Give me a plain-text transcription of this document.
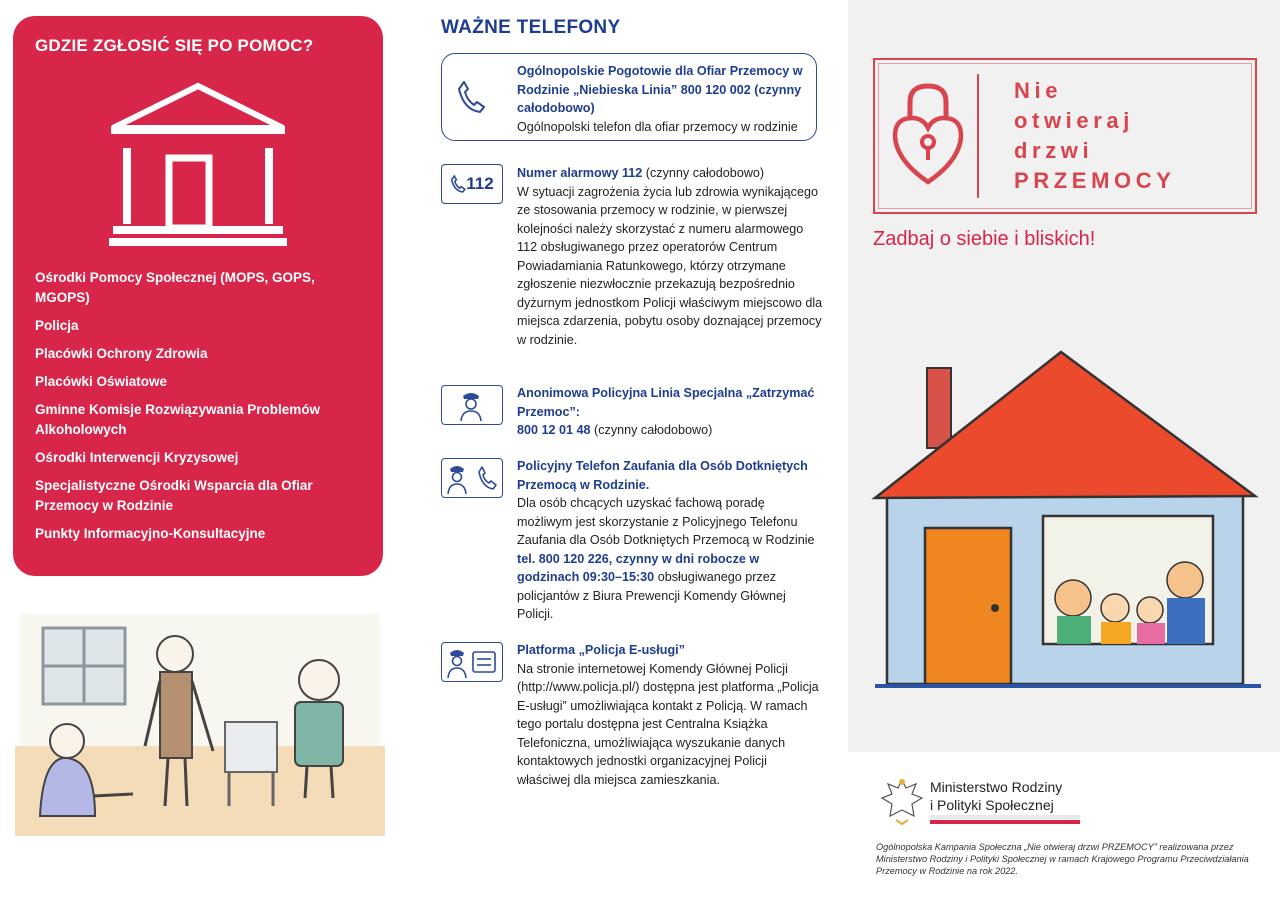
GDZIE ZGŁOSIĆ SIĘ PO POMOC?
Ośrodki Pomocy Społecznej (MOPS, GOPS, MGOPS)
Policja
Placówki Ochrony Zdrowia
Placówki Oświatowe
Gminne Komisje Rozwiązywania Problemów Alkoholowych
Ośrodki Interwencji Kryzysowej
Specjalistyczne Ośrodki Wsparcia dla Ofiar Przemocy w Rodzinie
Punkty Informacyjno-Konsultacyjne
WAŻNE TELEFONY
Ogólnopolskie Pogotowie dla Ofiar Przemocy w Rodzinie „Niebieska Linia” 800 120 002 (czynny całodobowo)
Ogólnopolski telefon dla ofiar przemocy w rodzinie
112
Numer alarmowy 112 (czynny całodobowo)
W sytuacji zagrożenia życia lub zdrowia wynikającego ze stosowania przemocy w rodzinie, w pierwszej kolejności należy skorzystać z numeru alarmowego 112 obsługiwanego przez operatorów Centrum Powiadamiania Ratunkowego, którzy otrzymane zgłoszenie niezwłocznie przekazują bezpośrednio dyżurnym jednostkom Policji właściwym miejscowo dla miejsca zdarzenia, pobytu osoby doznającej przemocy w rodzinie.
Anonimowa Policyjna Linia Specjalna „Zatrzymać Przemoc”:
800 12 01 48 (czynny całodobowo)
Policyjny Telefon Zaufania dla Osób Dotkniętych Przemocą w Rodzinie.
Dla osób chcących uzyskać fachową poradę możliwym jest skorzystanie z Policyjnego Telefonu Zaufania dla Osób Dotkniętych Przemocą w Rodzinie tel. 800 120 226, czynny w dni robocze w godzinach 09:30–15:30 obsługiwanego przez policjantów z Biura Prewencji Komendy Głównej Policji.
Platforma „Policja E-usługi”
Na stronie internetowej Komendy Głównej Policji (http://www.policja.pl/) dostępna jest platforma „Policja E-usługi” umożliwiająca kontakt z Policją. W ramach tego portalu dostępna jest Centralna Książka Telefoniczna, umożliwiająca wyszukanie danych kontaktowych jednostki organizacyjnej Policji właściwej dla miejsca zamieszkania.
Nie
otwieraj
drzwi
PRZEMOCY
Zadbaj o siebie i bliskich!
Ministerstwo Rodziny
i Polityki Społecznej
Ogólnopolska Kampania Społeczna „Nie otwieraj drzwi PRZEMOCY” realizowana przez Ministerstwo Rodziny i Polityki Społecznej w ramach Krajowego Programu Przeciwdziałania Przemocy w Rodzinie na rok 2022.
